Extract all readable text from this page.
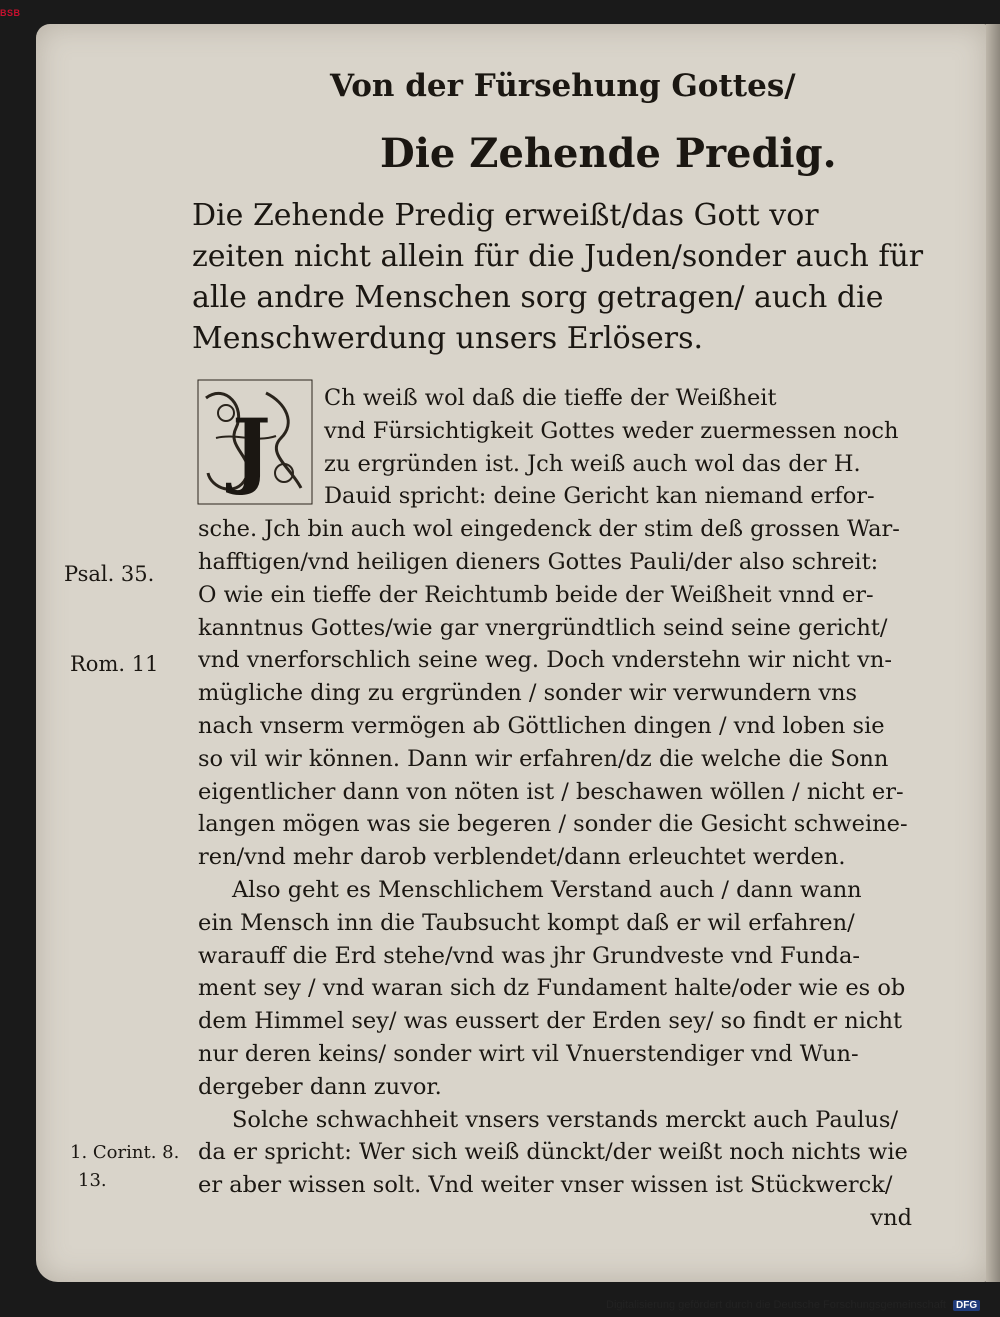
BSB
Von der Fürsehung Gottes/
Die Zehende Predig.
Die Zehende Predig erweißt/das Gott vor
zeiten nicht allein für die Juden/sonder auch für
alle andre Menschen sorg getragen/ auch die
Menschwerdung unsers Erlösers.
J
Ch weiß wol daß die tieffe der Weißheit
vnd Fürsichtigkeit Gottes weder zuermessen noch
zu ergründen ist. Jch weiß auch wol das der H.
Dauid spricht: deine Gericht kan niemand erfor-
sche. Jch bin auch wol eingedenck der stim deß grossen War-
hafftigen/vnd heiligen dieners Gottes Pauli/der also schreit:
O wie ein tieffe der Reichtumb beide der Weißheit vnnd er-
kanntnus Gottes/wie gar vnergründtlich seind seine gericht/
vnd vnerforschlich seine weg. Doch vnderstehn wir nicht vn-
mügliche ding zu ergründen / sonder wir verwundern vns
nach vnserm vermögen ab Göttlichen dingen / vnd loben sie
so vil wir können. Dann wir erfahren/dz die welche die Sonn
eigentlicher dann von nöten ist / beschawen wöllen / nicht er-
langen mögen was sie begeren / sonder die Gesicht schweine-
ren/vnd mehr darob verblendet/dann erleuchtet werden.
Also geht es Menschlichem Verstand auch / dann wann
ein Mensch inn die Taubsucht kompt daß er wil erfahren/
warauff die Erd stehe/vnd was jhr Grundveste vnd Funda-
ment sey / vnd waran sich dz Fundament halte/oder wie es ob
dem Himmel sey/ was eussert der Erden sey/ so findt er nicht
nur deren keins/ sonder wirt vil Vnuerstendiger vnd Wun-
dergeber dann zuvor.
Solche schwachheit vnsers verstands merckt auch Paulus/
da er spricht: Wer sich weiß dünckt/der weißt noch nichts wie
er aber wissen solt. Vnd weiter vnser wissen ist Stückwerck/
vnd
Psal. 35.
Rom. 11
1. Corint. 8.
13.
Digitalisierung gefördert durch die Deutsche Forschungsgemeinschaft DFG
